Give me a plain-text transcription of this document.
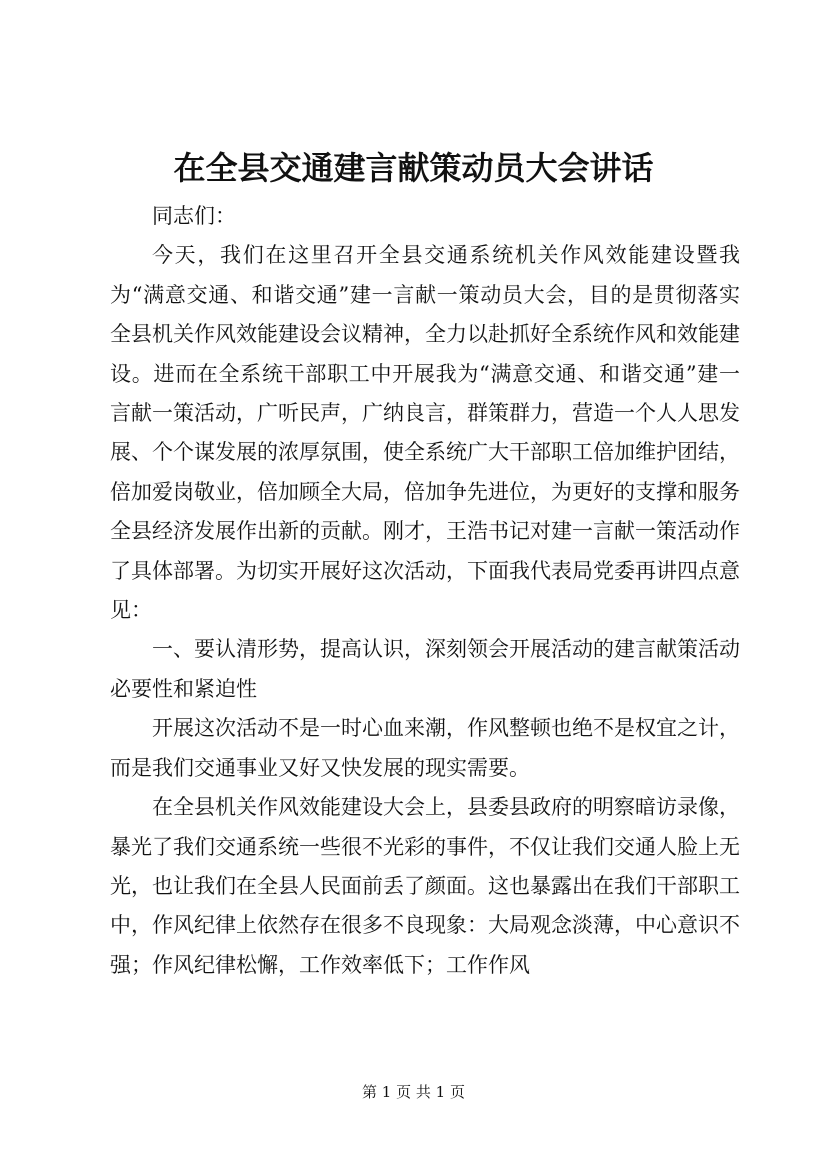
在全县交通建言献策动员大会讲话

同志们：

今天，我们在这里召开全县交通系统机关作风效能建设暨我为“满意交通、和谐交通”建一言献一策动员大会，目的是贯彻落实全县机关作风效能建设会议精神，全力以赴抓好全系统作风和效能建设。进而在全系统干部职工中开展我为“满意交通、和谐交通”建一言献一策活动，广听民声，广纳良言，群策群力，营造一个人人思发展、个个谋发展的浓厚氛围，使全系统广大干部职工倍加维护团结，倍加爱岗敬业，倍加顾全大局，倍加争先进位，为更好的支撑和服务全县经济发展作出新的贡献。刚才，王浩书记对建一言献一策活动作了具体部署。为切实开展好这次活动，下面我代表局党委再讲四点意见：

一、要认清形势，提高认识，深刻领会开展活动的建言献策活动必要性和紧迫性

开展这次活动不是一时心血来潮，作风整顿也绝不是权宜之计，而是我们交通事业又好又快发展的现实需要。

在全县机关作风效能建设大会上，县委县政府的明察暗访录像，暴光了我们交通系统一些很不光彩的事件，不仅让我们交通人脸上无光，也让我们在全县人民面前丢了颜面。这也暴露出在我们干部职工中，作风纪律上依然存在很多不良现象：大局观念淡薄，中心意识不强；作风纪律松懈，工作效率低下；工作作风

第 1 页 共 1 页
